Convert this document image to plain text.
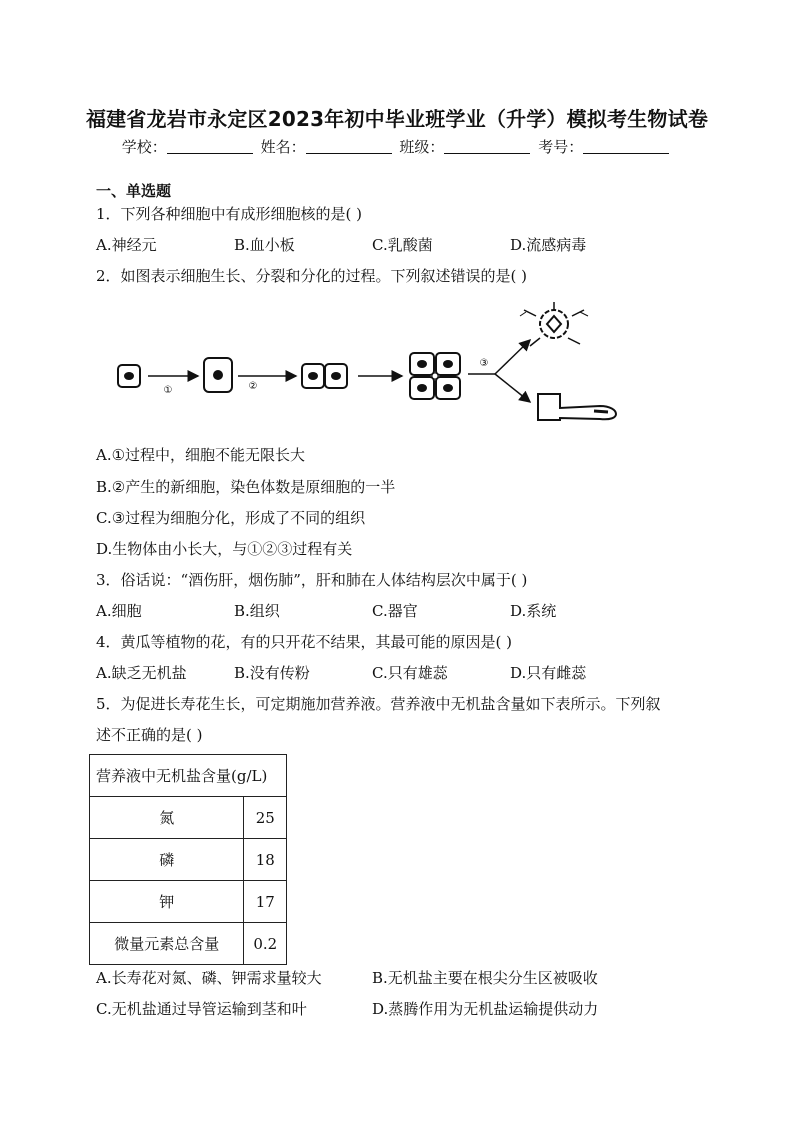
福建省龙岩市永定区2023年初中毕业班学业（升学）模拟考生物试卷
学校：	姓名：	班级：	考号：
一、单选题
1．下列各种细胞中有成形细胞核的是( )
A.神经元	B.血小板	C.乳酸菌	D.流感病毒
2．如图表示细胞生长、分裂和分化的过程。下列叙述错误的是( )
①	②
③
A.①过程中，细胞不能无限长大
B.②产生的新细胞，染色体数是原细胞的一半
C.③过程为细胞分化，形成了不同的组织
D.生物体由小长大，与①②③过程有关
3．俗话说：“酒伤肝，烟伤肺”，肝和肺在人体结构层次中属于( )
A.细胞	B.组织	C.器官	D.系统
4．黄瓜等植物的花，有的只开花不结果，其最可能的原因是( )
A.缺乏无机盐	B.没有传粉	C.只有雄蕊	D.只有雌蕊
5．为促进长寿花生长，可定期施加营养液。营养液中无机盐含量如下表所示。下列叙
述不正确的是( )
营养液中无机盐含量(g/L)	
氮	25
磷	18
钾	17
微量元素总含量	0.2
A.长寿花对氮、磷、钾需求量较大	B.无机盐主要在根尖分生区被吸收
C.无机盐通过导管运输到茎和叶	D.蒸腾作用为无机盐运输提供动力
